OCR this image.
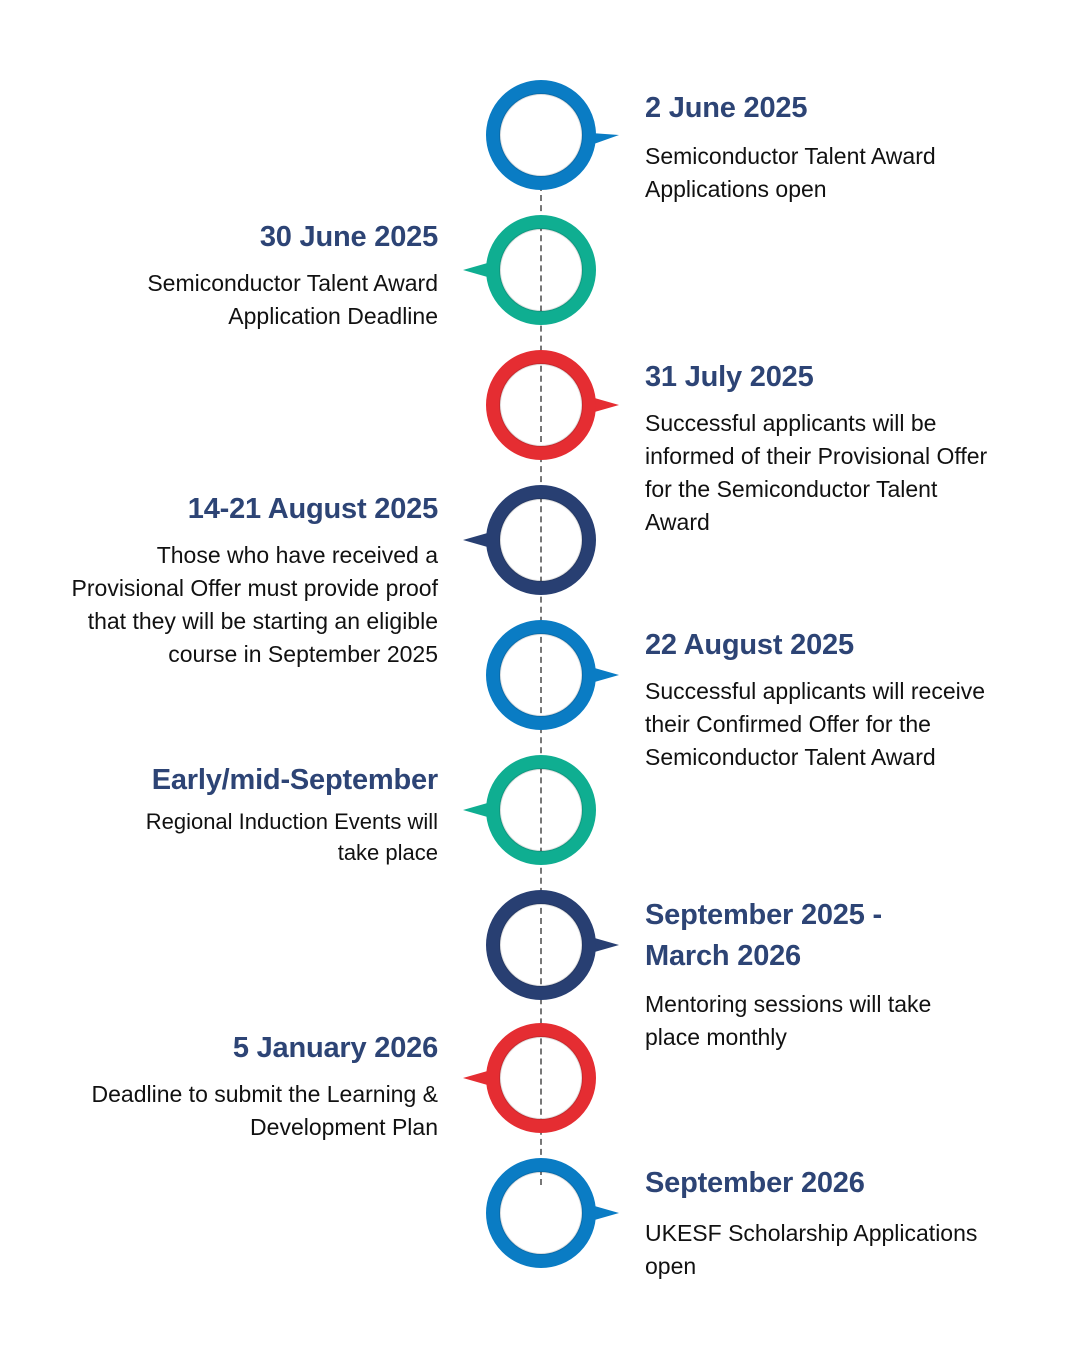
2 June 2025

Semiconductor Talent Award Applications open

30 June 2025

Semiconductor Talent Award Application Deadline

31 July 2025

Successful applicants will be informed of their Provisional Offer for the Semiconductor Talent Award

14-21 August 2025

Those who have received a Provisional Offer must provide proof that they will be starting an eligible course in September 2025	22 August 2025

Successful applicants will receive their Confirmed Offer for the Semiconductor Talent Award

Early/mid-September

Regional Induction Events will take place

September 2025 - March 2026

Mentoring sessions will take place monthly

5 January 2026

Deadline to submit the Learning & Development Plan

September 2026

UKESF Scholarship Applications open
